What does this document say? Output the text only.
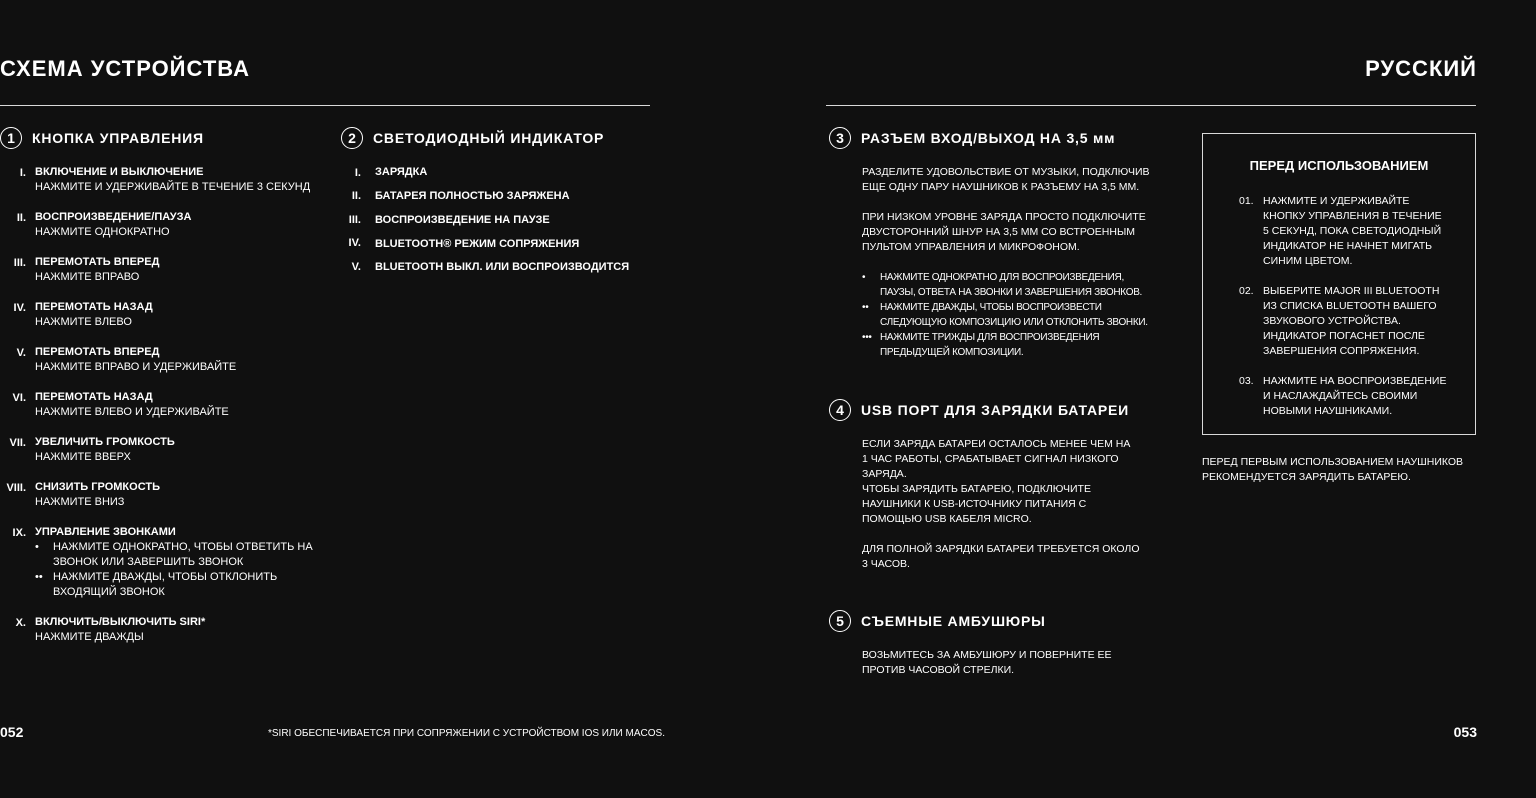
СХЕМА УСТРОЙСТВА
1	КНОПКА УПРАВЛЕНИЯ
I. ВКЛЮЧЕНИЕ И ВЫКЛЮЧЕНИЕ
НАЖМИТЕ И УДЕРЖИВАЙТЕ В ТЕЧЕНИЕ 3 СЕКУНД
II. ВОСПРОИЗВЕДЕНИЕ/ПАУЗА
НАЖМИТЕ ОДНОКРАТНО
III. ПЕРЕМОТАТЬ ВПЕРЕД
НАЖМИТЕ ВПРАВО
IV. ПЕРЕМОТАТЬ НАЗАД
НАЖМИТЕ ВЛЕВО
V. ПЕРЕМОТАТЬ ВПЕРЕД
НАЖМИТЕ ВПРАВО И УДЕРЖИВАЙТЕ
VI. ПЕРЕМОТАТЬ НАЗАД
НАЖМИТЕ ВЛЕВО И УДЕРЖИВАЙТЕ
VII. УВЕЛИЧИТЬ ГРОМКОСТЬ
НАЖМИТЕ ВВЕРХ
VIII. СНИЗИТЬ ГРОМКОСТЬ
НАЖМИТЕ ВНИЗ
IX. УПРАВЛЕНИЕ ЗВОНКАМИ
•	НАЖМИТЕ ОДНОКРАТНО, ЧТОБЫ ОТВЕТИТЬ НА
ЗВОНОК ИЛИ ЗАВЕРШИТЬ ЗВОНОК
•• НАЖМИТЕ ДВАЖДЫ, ЧТОБЫ ОТКЛОНИТЬ
ВХОДЯЩИЙ ЗВОНОК
X. ВКЛЮЧИТЬ/ВЫКЛЮЧИТЬ SIRI*
НАЖМИТЕ ДВАЖДЫ
2	СВЕТОДИОДНЫЙ ИНДИКАТОР
I. ЗАРЯДКА
II. БАТАРЕЯ ПОЛНОСТЬЮ ЗАРЯЖЕНА
III. ВОСПРОИЗВЕДЕНИЕ НА ПАУЗЕ
IV. BLUETOOTH® РЕЖИМ СОПРЯЖЕНИЯ
V. BLUETOOTH ВЫКЛ. ИЛИ ВОСПРОИЗВОДИТСЯ
052	*SIRI ОБЕСПЕЧИВАЕТСЯ ПРИ СОПРЯЖЕНИИ С УСТРОЙСТВОМ IOS ИЛИ MACOS.
РУССКИЙ
3	РАЗЪЕМ ВХОД/ВЫХОД НА 3,5 мм
РАЗДЕЛИТЕ УДОВОЛЬСТВИЕ ОТ МУЗЫКИ, ПОДКЛЮЧИВ
ЕЩЕ ОДНУ ПАРУ НАУШНИКОВ К РАЗЪЕМУ НА 3,5 ММ.
ПРИ НИЗКОМ УРОВНЕ ЗАРЯДА ПРОСТО ПОДКЛЮЧИТЕ
ДВУСТОРОННИЙ ШНУР НА 3,5 ММ СО ВСТРОЕННЫМ
ПУЛЬТОМ УПРАВЛЕНИЯ И МИКРОФОНОМ.
•	НАЖМИТЕ ОДНОКРАТНО ДЛЯ ВОСПРОИЗВЕДЕНИЯ,
ПАУЗЫ, ОТВЕТА НА ЗВОНКИ И ЗАВЕРШЕНИЯ ЗВОНКОВ.
••	НАЖМИТЕ ДВАЖДЫ, ЧТОБЫ ВОСПРОИЗВЕСТИ
СЛЕДУЮЩУЮ КОМПОЗИЦИЮ ИЛИ ОТКЛОНИТЬ ЗВОНКИ.
••• НАЖМИТЕ ТРИЖДЫ ДЛЯ ВОСПРОИЗВЕДЕНИЯ
ПРЕДЫДУЩЕЙ КОМПОЗИЦИИ.
4	USB ПОРТ ДЛЯ ЗАРЯДКИ БАТАРЕИ
ЕСЛИ ЗАРЯДА БАТАРЕИ ОСТАЛОСЬ МЕНЕЕ ЧЕМ НА
1 ЧАС РАБОТЫ, СРАБАТЫВАЕТ СИГНАЛ НИЗКОГО
ЗАРЯДА.
ЧТОБЫ ЗАРЯДИТЬ БАТАРЕЮ, ПОДКЛЮЧИТЕ
НАУШНИКИ К USB-ИСТОЧНИКУ ПИТАНИЯ С
ПОМОЩЬЮ USB КАБЕЛЯ MICRO.
ДЛЯ ПОЛНОЙ ЗАРЯДКИ БАТАРЕИ ТРЕБУЕТСЯ ОКОЛО
3 ЧАСОВ.
5	СЪЕМНЫЕ АМБУШЮРЫ
ВОЗЬМИТЕСЬ ЗА АМБУШЮРУ И ПОВЕРНИТЕ ЕЕ
ПРОТИВ ЧАСОВОЙ СТРЕЛКИ.
ПЕРЕД ИСПОЛЬЗОВАНИЕМ
01. НАЖМИТЕ И УДЕРЖИВАЙТЕ
КНОПКУ УПРАВЛЕНИЯ В ТЕЧЕНИЕ
5 СЕКУНД, ПОКА СВЕТОДИОДНЫЙ
ИНДИКАТОР НЕ НАЧНЕТ МИГАТЬ
СИНИМ ЦВЕТОМ.
02. ВЫБЕРИТЕ MAJOR III BLUETOOTH
ИЗ СПИСКА BLUETOOTH ВАШЕГО
ЗВУКОВОГО УСТРОЙСТВА.
ИНДИКАТОР ПОГАСНЕТ ПОСЛЕ
ЗАВЕРШЕНИЯ СОПРЯЖЕНИЯ.
03. НАЖМИТЕ НА ВОСПРОИЗВЕДЕНИЕ
И НАСЛАЖДАЙТЕСЬ СВОИМИ
НОВЫМИ НАУШНИКАМИ.
ПЕРЕД ПЕРВЫМ ИСПОЛЬЗОВАНИЕМ НАУШНИКОВ
РЕКОМЕНДУЕТСЯ ЗАРЯДИТЬ БАТАРЕЮ.
053
